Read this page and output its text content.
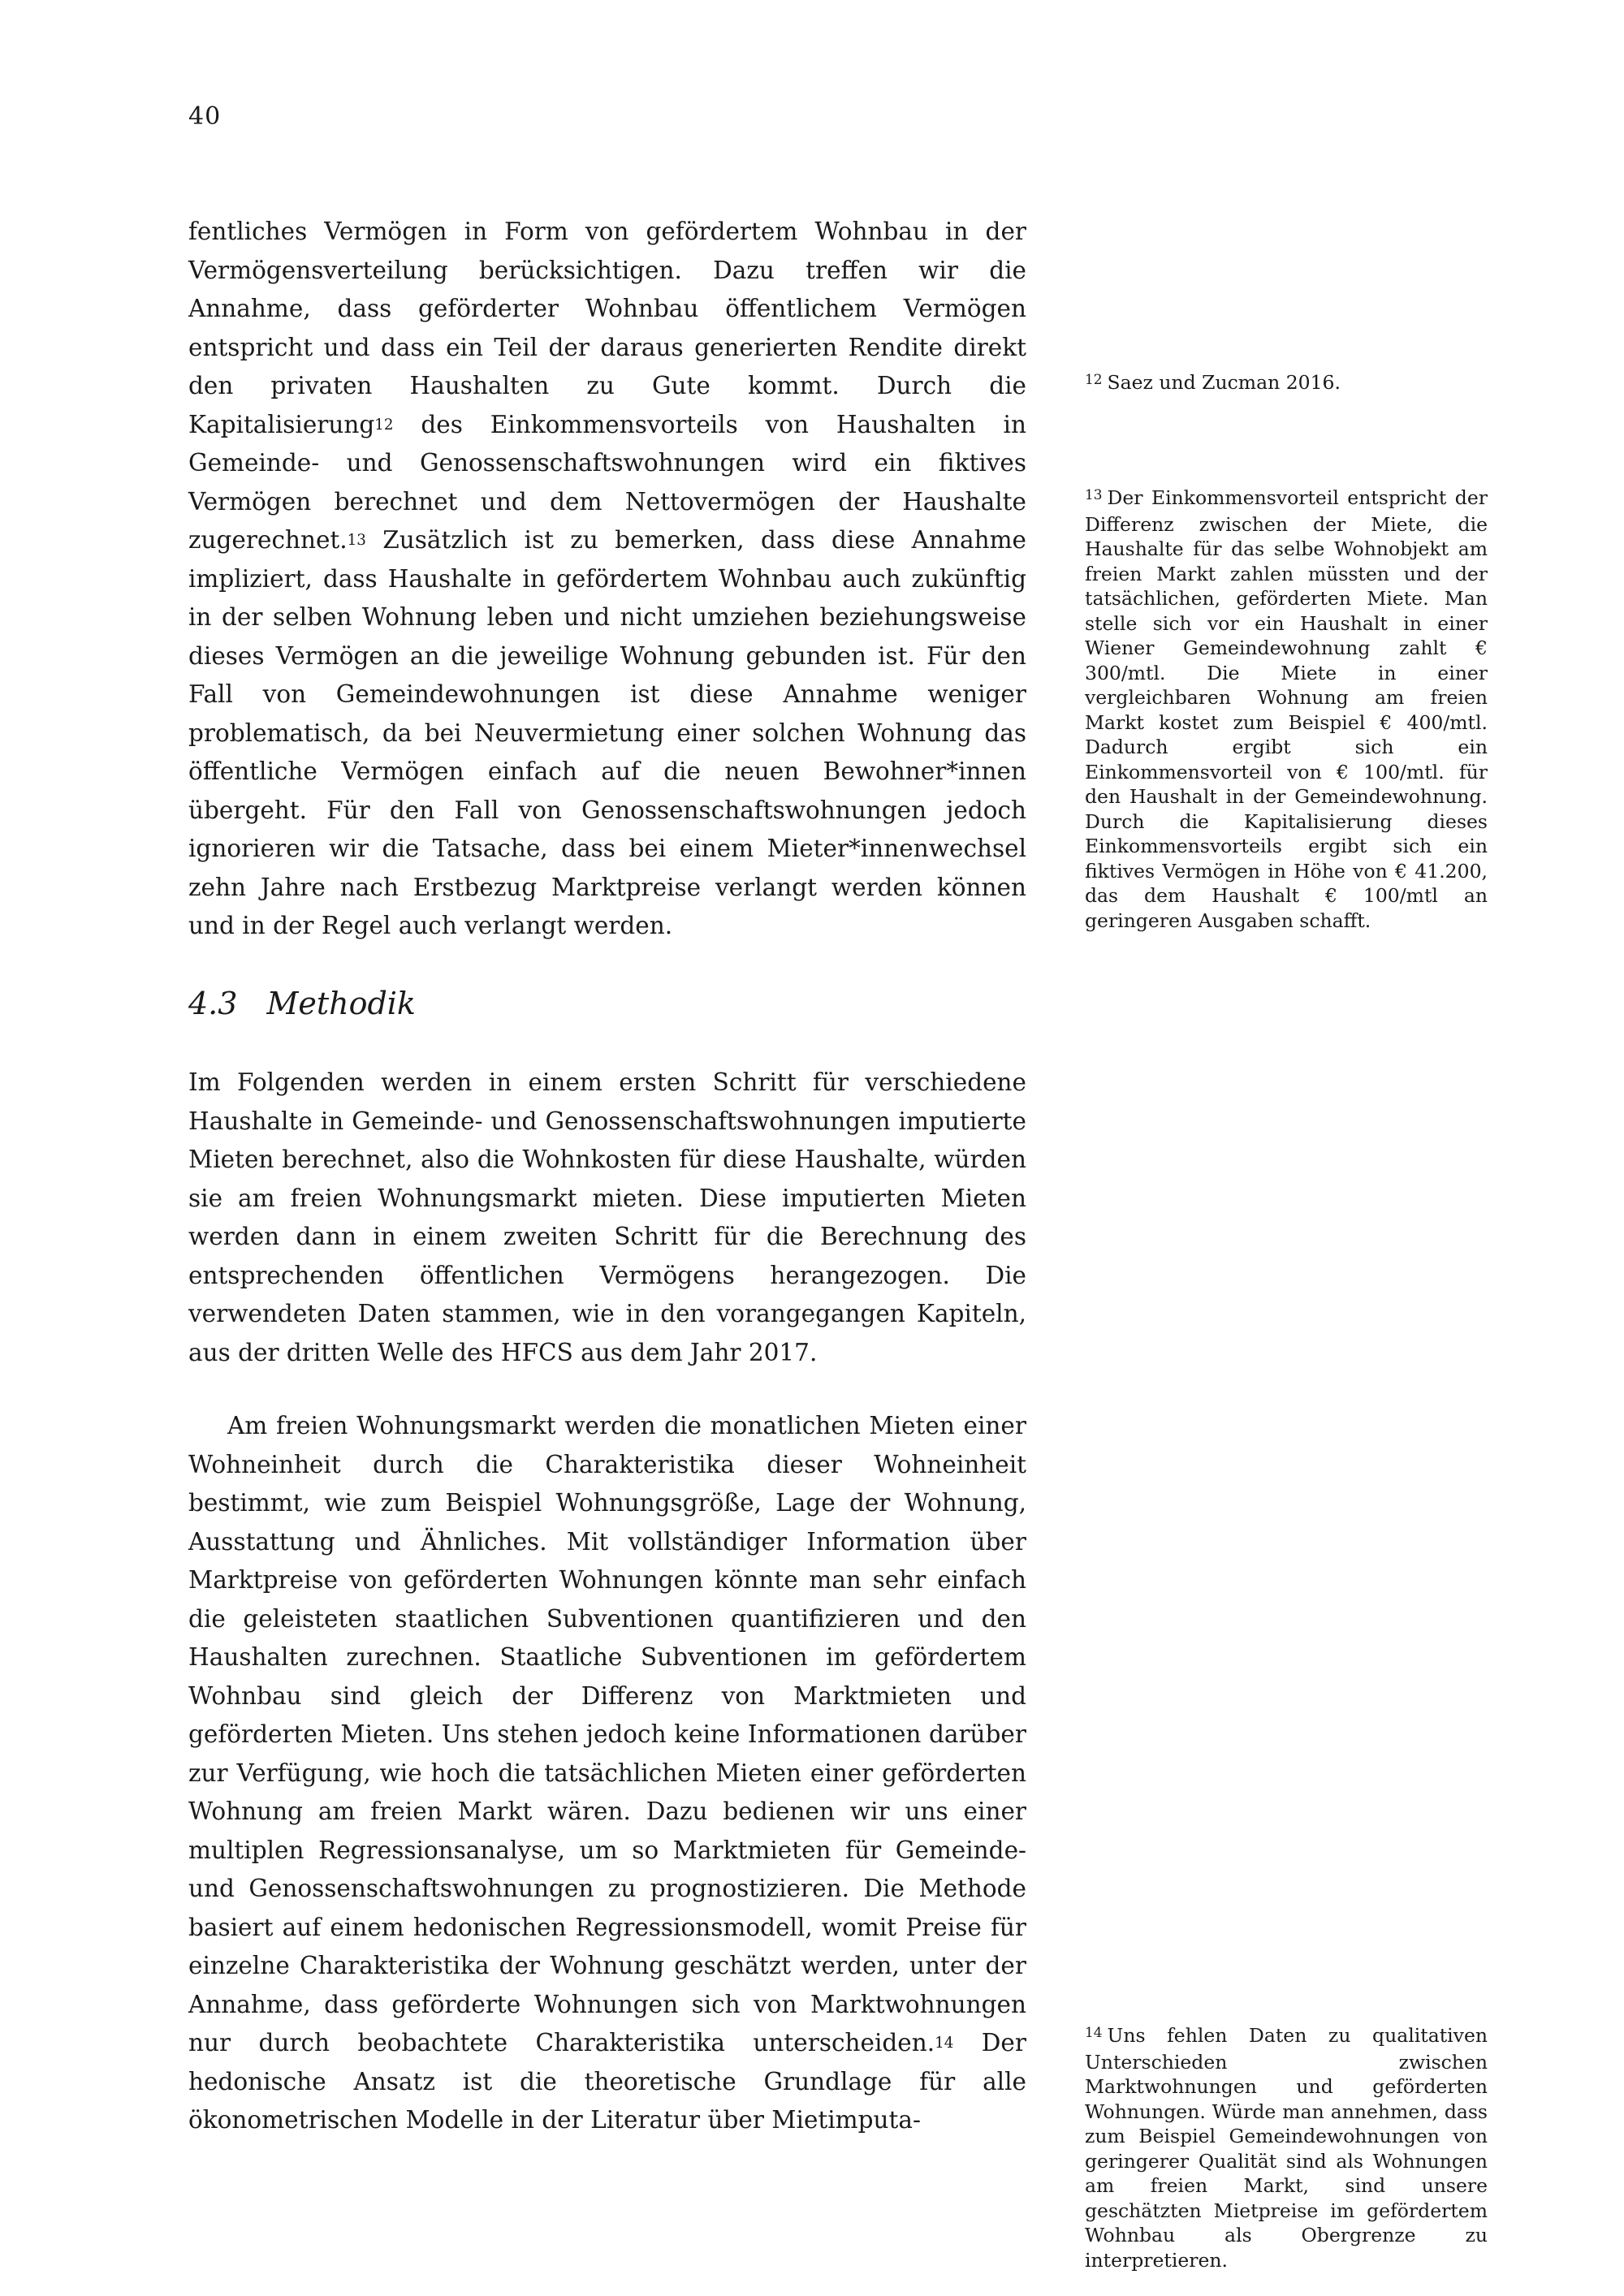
40

fentliches Vermögen in Form von gefördertem Wohnbau in der Vermögensverteilung berücksichtigen. Dazu treffen wir die Annahme, dass geförderter Wohnbau öffentlichem Vermögen entspricht und dass ein Teil der daraus generierten Rendite direkt den privaten Haushalten zu Gute kommt. Durch die Kapitalisierung$^{12}$ des Einkommensvorteils von Haushalten in Gemeinde- und Genossenschaftswohnungen wird ein fiktives Vermögen berechnet und dem Nettovermögen der Haushalte zugerechnet.$^{13}$ Zusätzlich ist zu bemerken, dass diese Annahme impliziert, dass Haushalte in gefördertem Wohnbau auch zukünftig in der selben Wohnung leben und nicht umziehen beziehungsweise dieses Vermögen an die jeweilige Wohnung gebunden ist. Für den Fall von Gemeindewohnungen ist diese Annahme weniger problematisch, da bei Neuvermietung einer solchen Wohnung das öffentliche Vermögen einfach auf die neuen Bewohner*innen übergeht. Für den Fall von Genossenschaftswohnungen jedoch ignorieren wir die Tatsache, dass bei einem Mieter*innenwechsel zehn Jahre nach Erstbezug Marktpreise verlangt werden können und in der Regel auch verlangt werden.

4.3 Methodik

Im Folgenden werden in einem ersten Schritt für verschiedene Haushalte in Gemeinde- und Genossenschaftswohnungen imputierte Mieten berechnet, also die Wohnkosten für diese Haushalte, würden sie am freien Wohnungsmarkt mieten. Diese imputierten Mieten werden dann in einem zweiten Schritt für die Berechnung des entsprechenden öffentlichen Vermögens herangezogen. Die verwendeten Daten stammen, wie in den vorangegangen Kapiteln, aus der dritten Welle des HFCS aus dem Jahr 2017.

Am freien Wohnungsmarkt werden die monatlichen Mieten einer Wohneinheit durch die Charakteristika dieser Wohneinheit bestimmt, wie zum Beispiel Wohnungsgröße, Lage der Wohnung, Ausstattung und Ähnliches. Mit vollständiger Information über Marktpreise von geförderten Wohnungen könnte man sehr einfach die geleisteten staatlichen Subventionen quantifizieren und den Haushalten zurechnen. Staatliche Subventionen im gefördertem Wohnbau sind gleich der Differenz von Marktmieten und geförderten Mieten. Uns stehen jedoch keine Informationen darüber zur Verfügung, wie hoch die tatsächlichen Mieten einer geförderten Wohnung am freien Markt wären. Dazu bedienen wir uns einer multiplen Regressionsanalyse, um so Marktmieten für Gemeinde- und Genossenschaftswohnungen zu prognostizieren. Die Methode basiert auf einem hedonischen Regressionsmodell, womit Preise für einzelne Charakteristika der Wohnung geschätzt werden, unter der Annahme, dass geförderte Wohnungen sich von Marktwohnungen nur durch beobachtete Charakteristika unterscheiden.$^{14}$ Der hedonische Ansatz ist die theoretische Grundlage für alle ökonometrischen Modelle in der Literatur über Mietimputa-

$^{12}$ Saez und Zucman 2016.

$^{13}$ Der Einkommensvorteil entspricht der Differenz zwischen der Miete, die Haushalte für das selbe Wohnobjekt am freien Markt zahlen müssten und der tatsächlichen, geförderten Miete. Man stelle sich vor ein Haushalt in einer Wiener Gemeindewohnung zahlt € 300/mtl. Die Miete in einer vergleichbaren Wohnung am freien Markt kostet zum Beispiel € 400/mtl. Dadurch ergibt sich ein Einkommensvorteil von € 100/mtl. für den Haushalt in der Gemeindewohnung. Durch die Kapitalisierung dieses Einkommensvorteils ergibt sich ein fiktives Vermögen in Höhe von € 41.200, das dem Haushalt € 100/mtl an geringeren Ausgaben schafft.

$^{14}$ Uns fehlen Daten zu qualitativen Unterschieden zwischen Marktwohnungen und geförderten Wohnungen. Würde man annehmen, dass zum Beispiel Gemeindewohnungen von geringerer Qualität sind als Wohnungen am freien Markt, sind unsere geschätzten Mietpreise im gefördertem Wohnbau als Obergrenze zu interpretieren.
